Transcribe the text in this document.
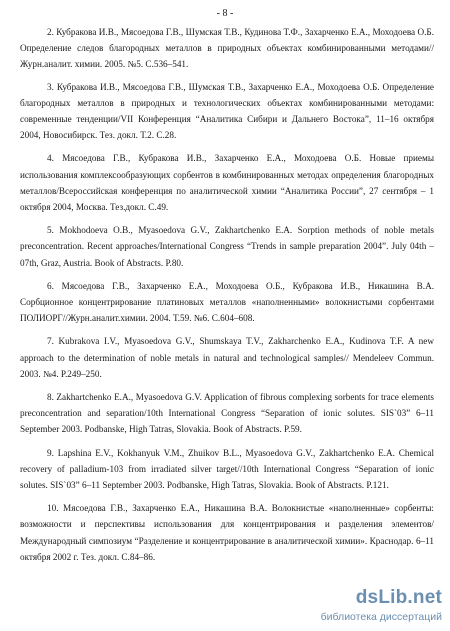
- 8 -

2. Кубракова И.В., Мясоедова Г.В., Шумская Т.В., Кудинова Т.Ф., Захарченко Е.А., Моходоева О.Б. Определение следов благородных металлов в природных объектах комбинированными методами//Журн.аналит. химии. 2005. №5. С.536–541.

3. Кубракова И.В., Мясоедова Г.В., Шумская Т.В., Захарченко Е.А., Моходоева О.Б. Определение благородных металлов в природных и технологических объектах комбинированными методами: современные тенденции/VII Конференция “Аналитика Сибири и Дальнего Востока”, 11–16 октября 2004, Новосибирск. Тез. докл. Т.2. С.28.

4. Мясоедова Г.В., Кубракова И.В., Захарченко Е.А., Моходоева О.Б. Новые приемы использования комплексообразующих сорбентов в комбинированных методах определения благородных металлов/Всероссийская конференция по аналитической химии “Аналитика России”, 27 сентября – 1 октября 2004, Москва. Тез.докл. С.49.

5. Mokhodoeva O.B., Myasoedova G.V., Zakhartchenko E.A. Sorption methods of noble metals preconcentration. Recent approaches/International Congress “Trends in sample preparation 2004”. July 04th – 07th, Graz, Austria. Book of Abstracts. P.80.

6. Мясоедова Г.В., Захарченко Е.А., Моходоева О.Б., Кубракова И.В., Никашина В.А. Сорбционное концентрирование платиновых металлов «наполненными» волокнистыми сорбентами ПОЛИОРГ//Журн.аналит.химии. 2004. Т.59. №6. С.604–608.

7. Kubrakova I.V., Myasoedova G.V., Shumskaya T.V., Zakharchenko E.A., Kudinova T.F. A new approach to the determination of noble metals in natural and technological samples// Mendeleev Commun. 2003. №4. P.249–250.

8. Zakhartchenko E.A., Myasoedova G.V. Application of fibrous complexing sorbents for trace elements preconcentration and separation/10th International Congress “Separation of ionic solutes. SIS`03” 6–11 September 2003. Podbanske, High Tatras, Slovakia. Book of Abstracts. P.59.

9. Lapshina E.V., Kokhanyuk V.M., Zhuikov B.L., Myasoedova G.V., Zakhartchenko E.A. Chemical recovery of palladium-103 from irradiated silver target//10th International Congress “Separation of ionic solutes. SIS`03” 6–11 September 2003. Podbanske, High Tatras, Slovakia. Book of Abstracts. P.121.

10. Мясоедова Г.В., Захарченко Е.А., Никашина В.А. Волокнистые «наполненные» сорбенты: возможности и перспективы использования для концентрирования и разделения элементов/Международный симпозиум “Разделение и концентрирование в аналитической химии». Краснодар. 6–11 октября 2002 г. Тез. докл. С.84–86.

dsLib.net
библиотека диссертаций
